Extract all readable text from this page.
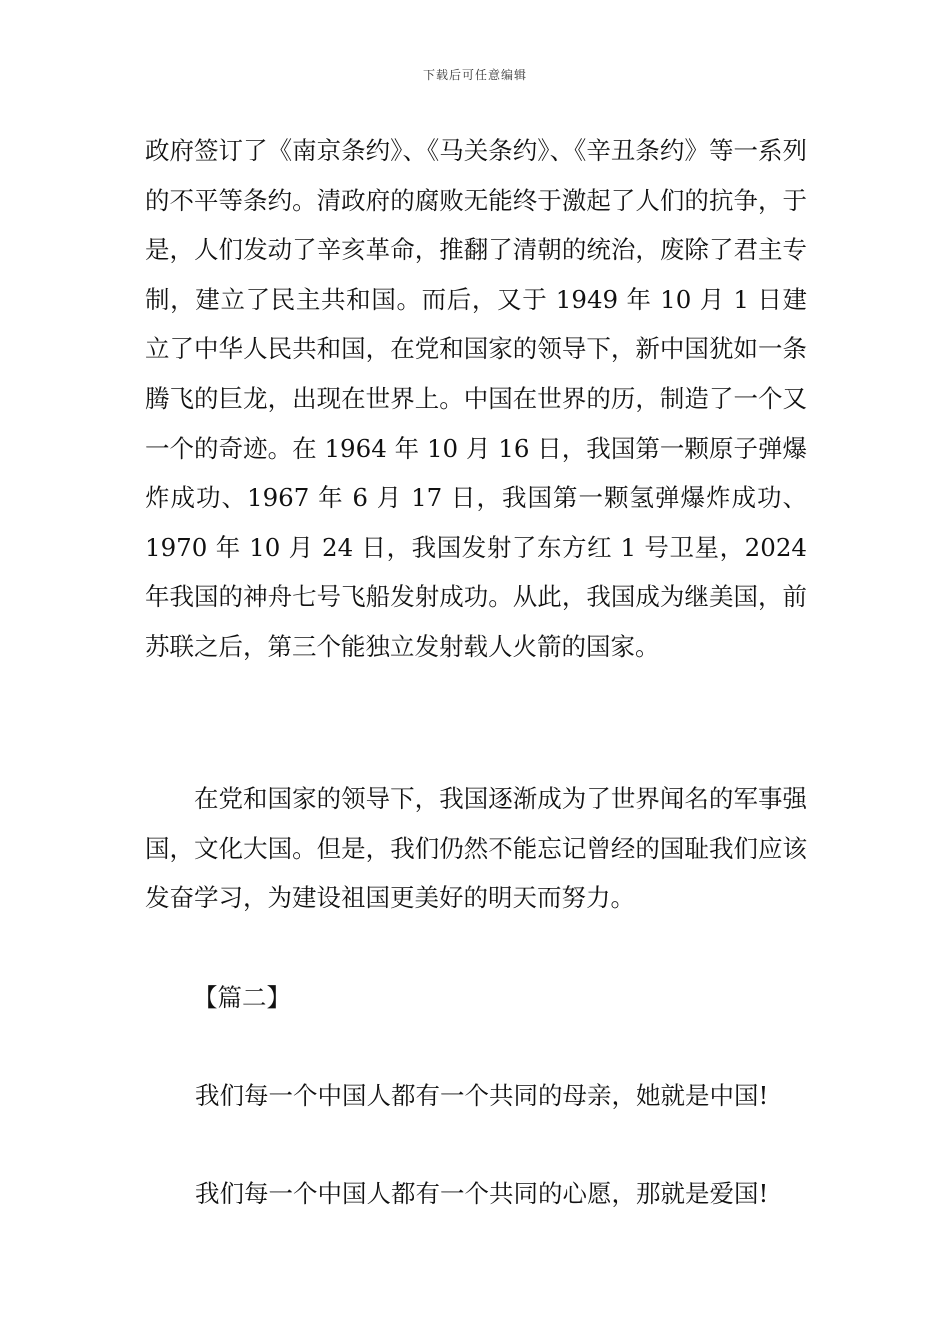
下载后可任意编辑

政府签订了《南京条约》、《马关条约》、《辛丑条约》等一系列的不平等条约。清政府的腐败无能终于激起了人们的抗争，于是，人们发动了辛亥革命，推翻了清朝的统治，废除了君主专制，建立了民主共和国。而后，又于 1949 年 10 月 1 日建立了中华人民共和国，在党和国家的领导下，新中国犹如一条腾飞的巨龙，出现在世界上。中国在世界的历，制造了一个又一个的奇迹。在 1964 年 10 月 16 日，我国第一颗原子弹爆炸成功、1967 年 6 月 17 日，我国第一颗氢弹爆炸成功、1970 年 10 月 24 日，我国发射了东方红 1 号卫星，2024 年我国的神舟七号飞船发射成功。从此，我国成为继美国，前苏联之后，第三个能独立发射载人火箭的国家。

在党和国家的领导下，我国逐渐成为了世界闻名的军事强国，文化大国。但是，我们仍然不能忘记曾经的国耻我们应该发奋学习，为建设祖国更美好的明天而努力。

【篇二】

我们每一个中国人都有一个共同的母亲，她就是中国!

我们每一个中国人都有一个共同的心愿，那就是爱国!
